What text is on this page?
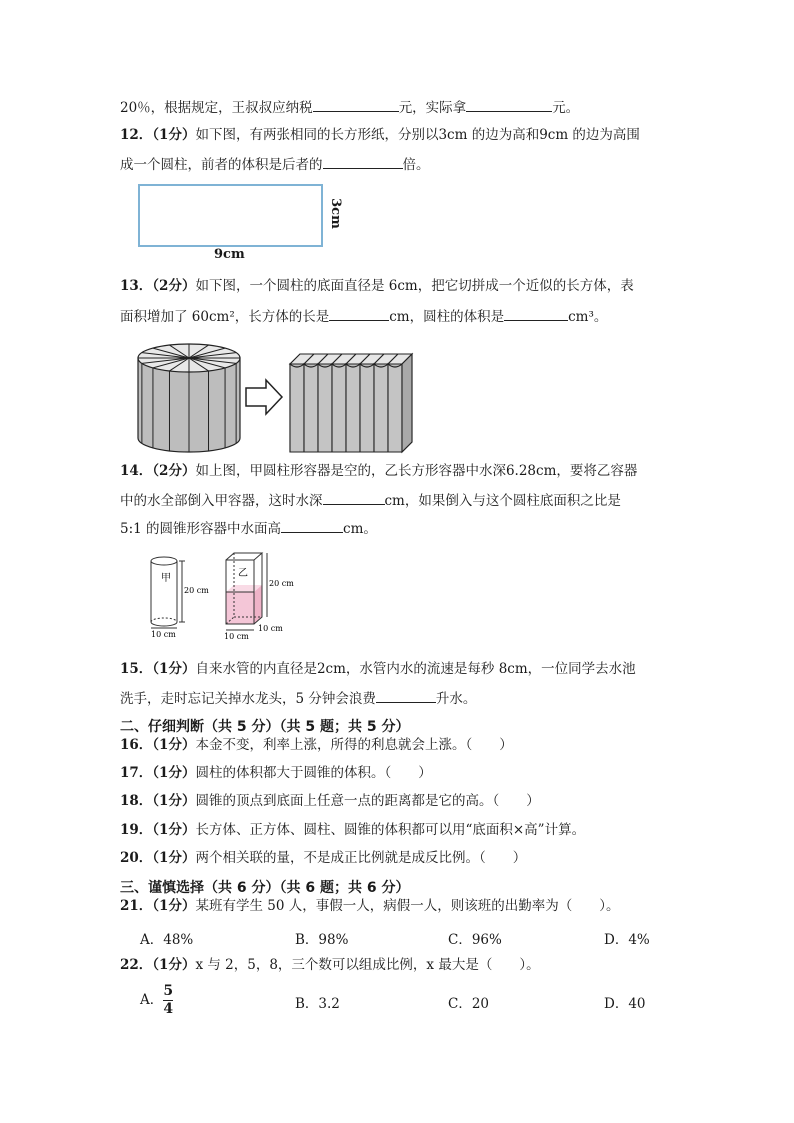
20％，根据规定，王叔叔应纳税	元，实际拿	元。
12．（1分）如下图，有两张相同的长方形纸，分别以3cm 的边为高和9cm 的边为高围
成一个圆柱，前者的体积是后者的	倍。
9cm
3cm
13．（2分）如下图，一个圆柱的底面直径是 6cm，把它切拼成一个近似的长方体，表
面积增加了 60cm²，长方体的长是	cm，圆柱的体积是	cm³。
14．（2分）如上图，甲圆柱形容器是空的，乙长方形容器中水深6.28cm，要将乙容器
中的水全部倒入甲容器，这时水深	cm，如果倒入与这个圆柱底面积之比是
5:1 的圆锥形容器中水面高	cm。
甲
20 cm
10 cm
乙
20 cm
10 cm
10 cm
15．（1分）自来水管的内直径是2cm，水管内水的流速是每秒 8cm，一位同学去水池
洗手，走时忘记关掉水龙头，5 分钟会浪费	升水。
二、仔细判断（共 5 分）（共 5 题；共 5 分）
16．（1分）本金不变，利率上涨，所得的利息就会上涨。（　　）
17．（1分）圆柱的体积都大于圆锥的体积。（　　）
18．（1分）圆锥的顶点到底面上任意一点的距离都是它的高。（　　）
19．（1分）长方体、正方体、圆柱、圆锥的体积都可以用“底面积×高”计算。
20．（1分）两个相关联的量，不是成正比例就是成反比例。（　　）
三、谨慎选择（共 6 分）（共 6 题；共 6 分）
21．（1分）某班有学生 50 人，事假一人，病假一人，则该班的出勤率为（　　）。
A．48%	B．98%	C．96%	D．4%
22．（1分）x 与 2，5，8，三个数可以组成比例，x 最大是（　　）。
A． $\frac{5}{4}$	B．3.2	C．20	D．40
